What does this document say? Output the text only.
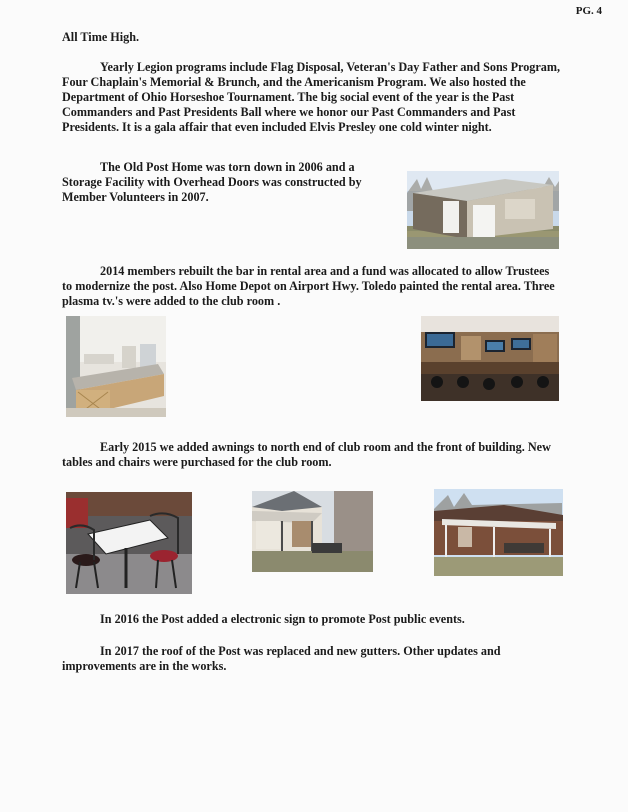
PG. 4

All Time High.

Yearly Legion programs include Flag Disposal, Veteran's Day Father and Sons Program, Four Chaplain's Memorial & Brunch, and the Americanism Program. We also hosted the Department of Ohio Horseshoe Tournament. The big social event of the year is the Past Commanders and Past Presidents Ball where we honor our Past Commanders and Past Presidents. It is a gala affair that even included Elvis Presley one cold winter night.

The Old Post Home was torn down in 2006 and a Storage Facility with Overhead Doors was constructed by Member Volunteers in 2007.

2014 members rebuilt the bar in rental area and a fund was allocated to allow Trustees to modernize the post. Also Home Depot on Airport Hwy. Toledo painted the rental area. Three plasma tv.'s were added to the club room .

Early 2015 we added awnings to north end of club room and the front of building. New tables and chairs were purchased for the club room.

In 2016 the Post added a electronic sign to promote Post public events.

In 2017 the roof of the Post was replaced and new gutters. Other updates and improvements are in the works.
